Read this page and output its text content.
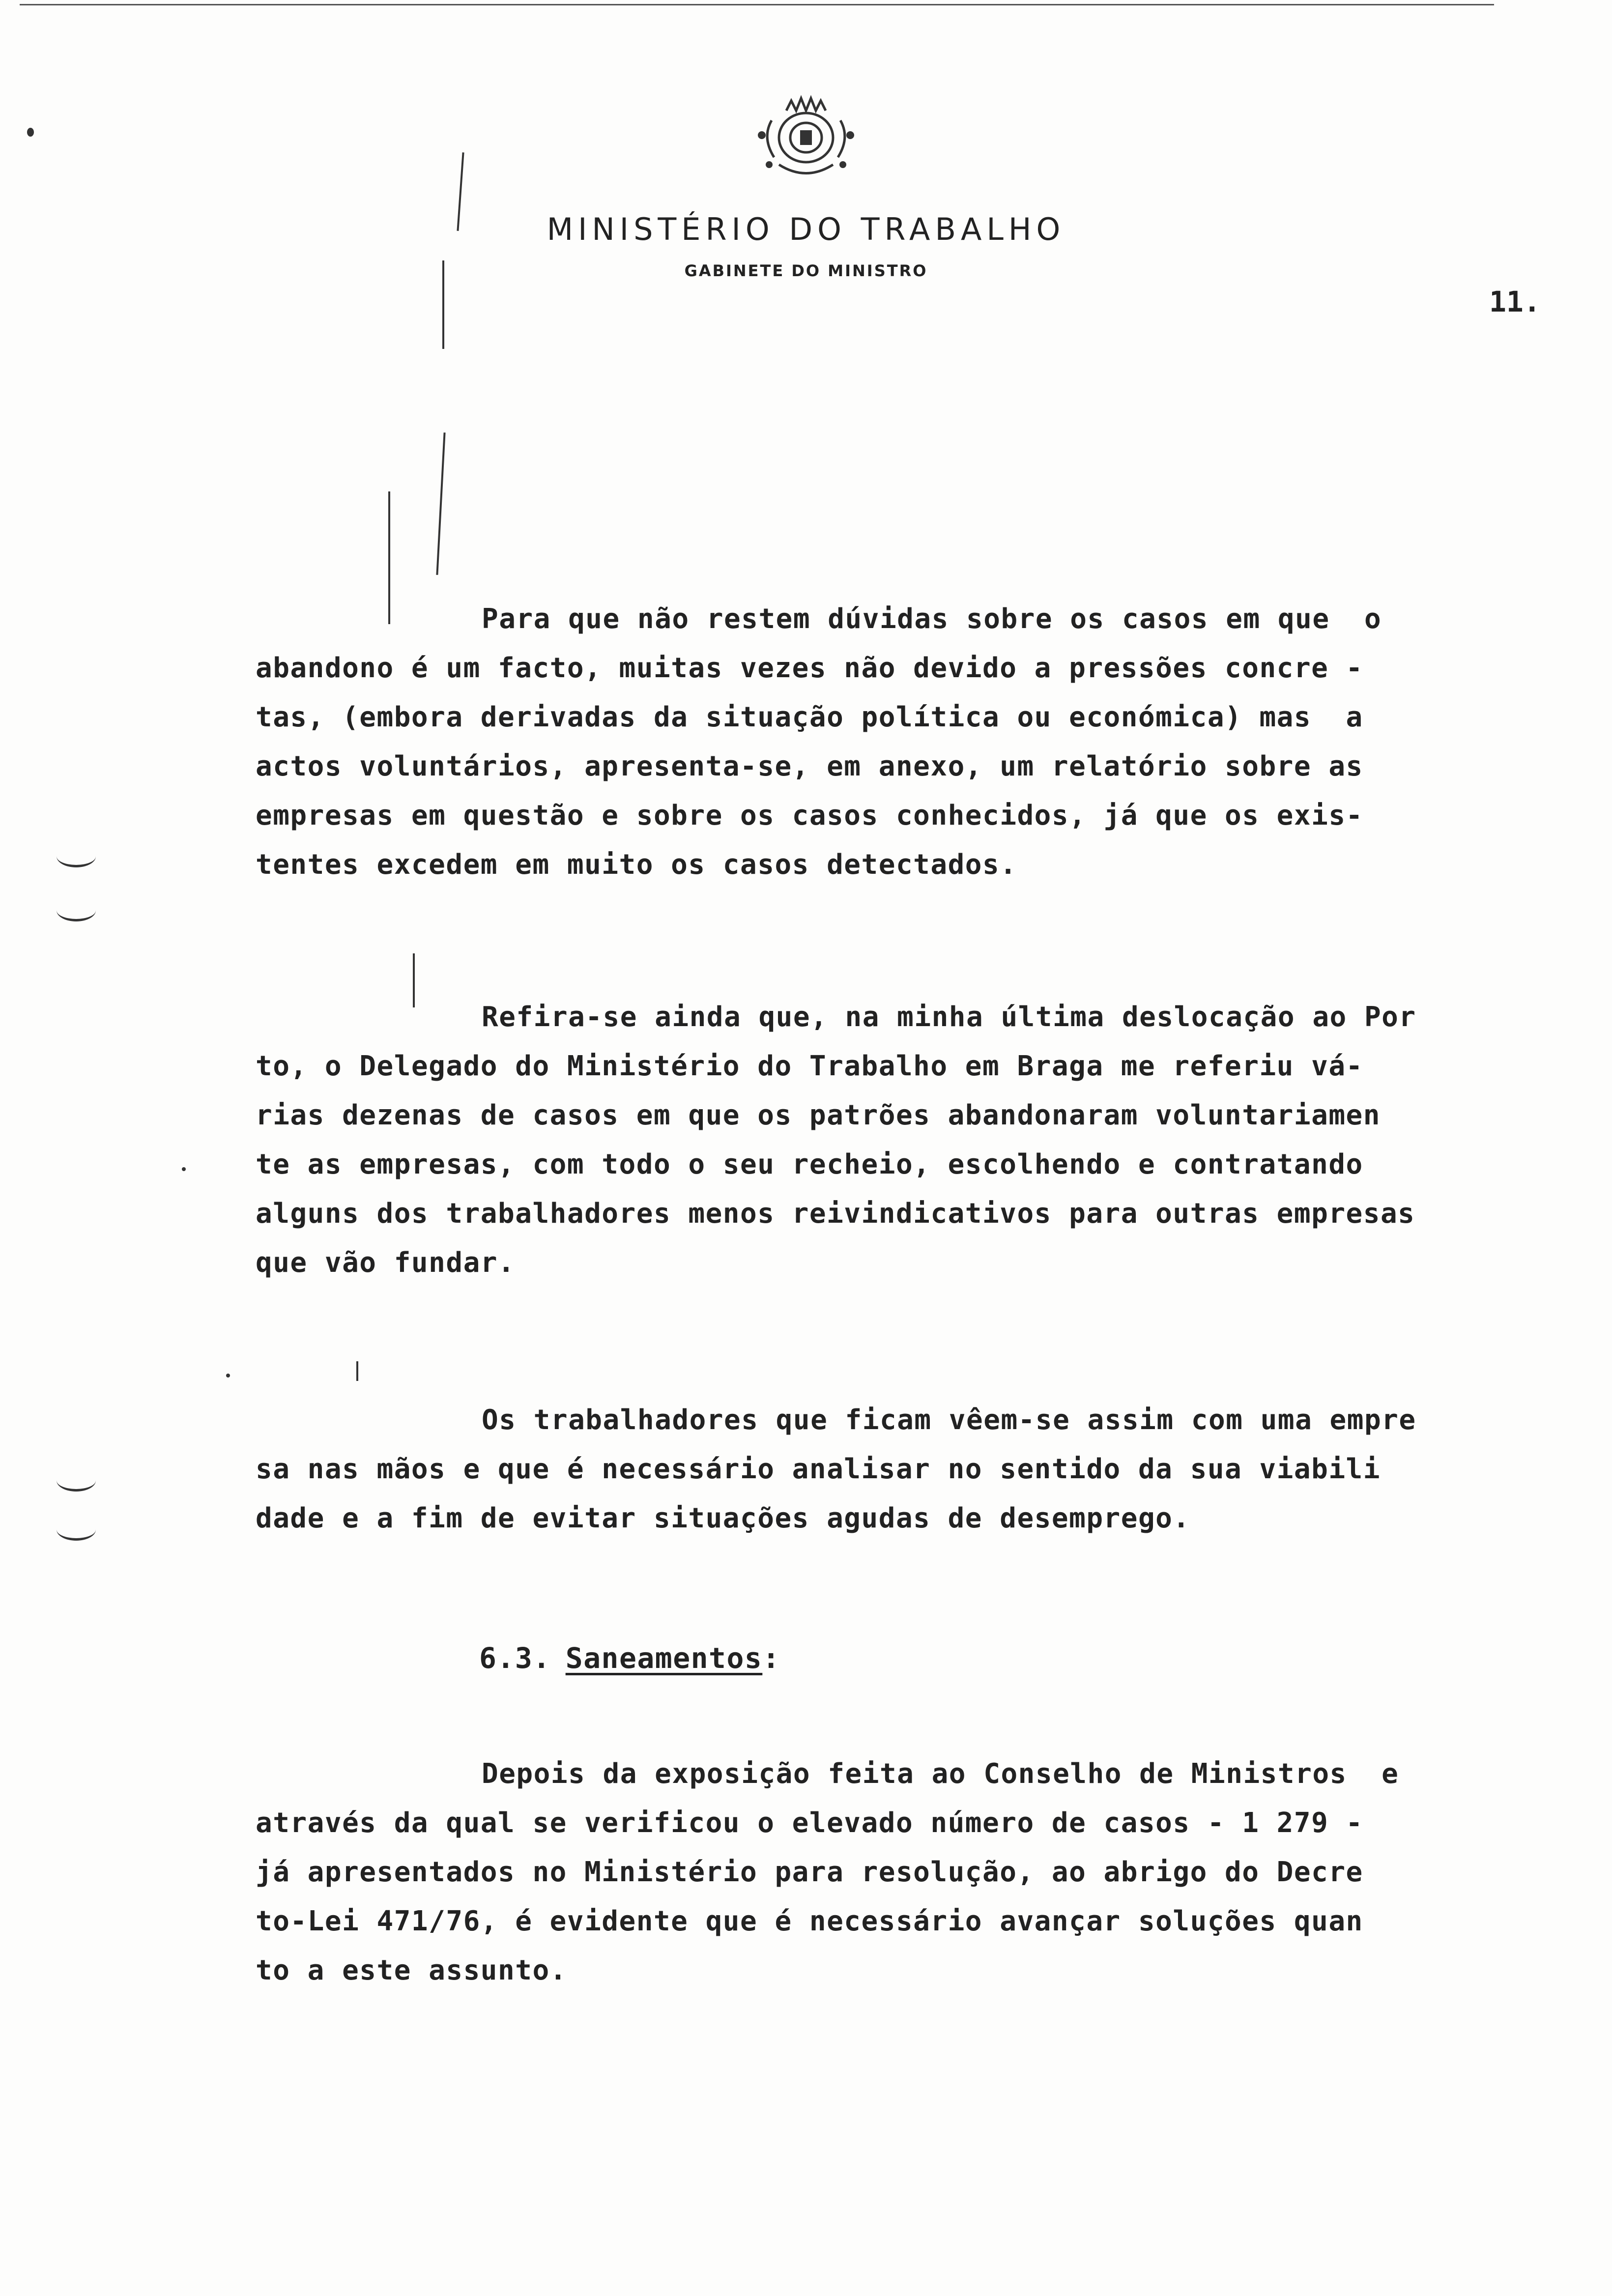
MINISTÉRIO DO TRABALHO
GABINETE DO MINISTRO
11.
Para que não restem dúvidas sobre os casos em que  o
abandono é um facto, muitas vezes não devido a pressões concre -
tas, (embora derivadas da situação política ou económica) mas  a
actos voluntários, apresenta-se, em anexo, um relatório sobre as
empresas em questão e sobre os casos conhecidos, já que os exis-
tentes excedem em muito os casos detectados.
Refira-se ainda que, na minha última deslocação ao Por
to, o Delegado do Ministério do Trabalho em Braga me referiu vá-
rias dezenas de casos em que os patrões abandonaram voluntariamen
te as empresas, com todo o seu recheio, escolhendo e contratando
alguns dos trabalhadores menos reivindicativos para outras empresas
que vão fundar.
Os trabalhadores que ficam vêem-se assim com uma empre
sa nas mãos e que é necessário analisar no sentido da sua viabili
dade e a fim de evitar situações agudas de desemprego.
6.3. Saneamentos:
Depois da exposição feita ao Conselho de Ministros  e
através da qual se verificou o elevado número de casos - 1 279 -
já apresentados no Ministério para resolução, ao abrigo do Decre
to-Lei 471/76, é evidente que é necessário avançar soluções quan
to a este assunto.
